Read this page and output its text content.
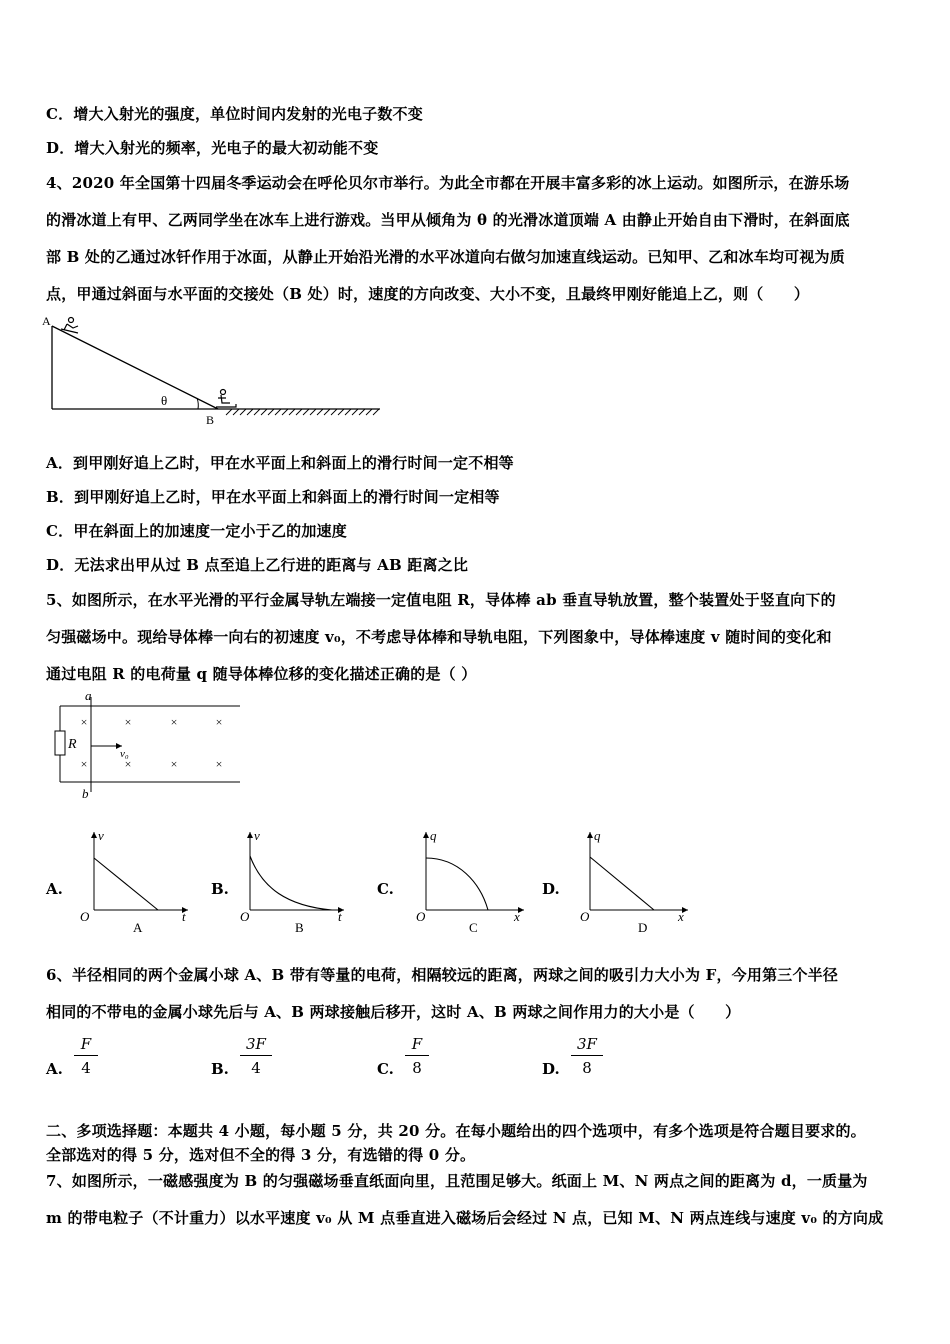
C．增大入射光的强度，单位时间内发射的光电子数不变
D．增大入射光的频率，光电子的最大初动能不变
4、2020 年全国第十四届冬季运动会在呼伦贝尔市举行。为此全市都在开展丰富多彩的冰上运动。如图所示，在游乐场
的滑冰道上有甲、乙两同学坐在冰车上进行游戏。当甲从倾角为 θ 的光滑冰道顶端 A 由静止开始自由下滑时，在斜面底
部 B 处的乙通过冰钎作用于冰面，从静止开始沿光滑的水平冰道向右做匀加速直线运动。已知甲、乙和冰车均可视为质
点，甲通过斜面与水平面的交接处（B 处）时，速度的方向改变、大小不变，且最终甲刚好能追上乙，则（　　）
A
B
θ
A．到甲刚好追上乙时，甲在水平面上和斜面上的滑行时间一定不相等
B．到甲刚好追上乙时，甲在水平面上和斜面上的滑行时间一定相等
C．甲在斜面上的加速度一定小于乙的加速度
D．无法求出甲从过 B 点至追上乙行进的距离与 AB 距离之比
5、如图所示，在水平光滑的平行金属导轨左端接一定值电阻 R，导体棒 ab 垂直导轨放置，整个装置处于竖直向下的
匀强磁场中。现给导体棒一向右的初速度 v₀，不考虑导体棒和导轨电阻，下列图象中，导体棒速度 v 随时间的变化和
通过电阻 R 的电荷量 q 随导体棒位移的变化描述正确的是（ ）
×	×	×	×
×	×	×	×
R
a
b
v₀
A.
v
t
O
A
B.
v
t
O
B
C.
q
x
O
C
D.
q
x
O
D
6、半径相同的两个金属小球 A、B 带有等量的电荷，相隔较远的距离，两球之间的吸引力大小为 F，今用第三个半径
相同的不带电的金属小球先后与 A、B 两球接触后移开，这时 A、B 两球之间作用力的大小是（　　）
A.
F
4	B.
3F
4	C.
F
8	D.
3F
8
二、多项选择题：本题共 4 小题，每小题 5 分，共 20 分。在每小题给出的四个选项中，有多个选项是符合题目要求的。
全部选对的得 5 分，选对但不全的得 3 分，有选错的得 0 分。
7、如图所示，一磁感强度为 B 的匀强磁场垂直纸面向里，且范围足够大。纸面上 M、N 两点之间的距离为 d，一质量为
m 的带电粒子（不计重力）以水平速度 v₀ 从 M 点垂直进入磁场后会经过 N 点，已知 M、N 两点连线与速度 v₀ 的方向成
